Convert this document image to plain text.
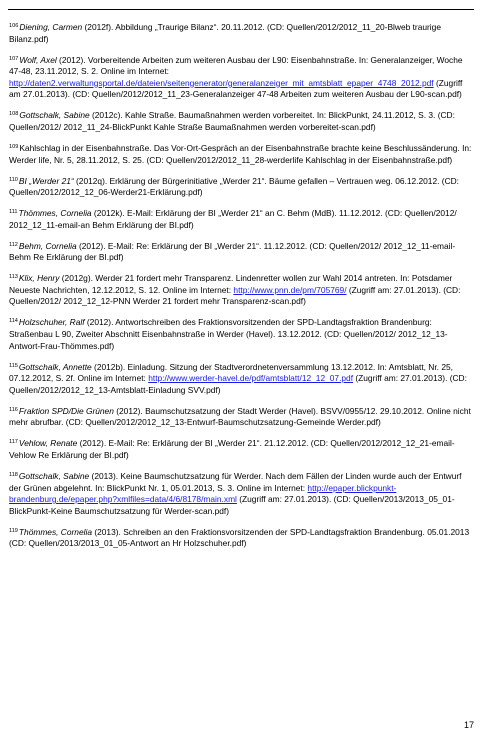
$^{106}$Diening, Carmen (2012f). Abbildung „Traurige Bilanz“. 20.11.2012. (CD: Quellen/2012/2012_11_20-Blweb traurige Bilanz.pdf)

$^{107}$Wolf, Axel (2012). Vorbereitende Arbeiten zum weiteren Ausbau der L90: Eisenbahnstraße. In: Generalanzeiger, Woche 47-48, 23.11.2012, S. 2. Online im Internet: http://daten2.verwaltungsportal.de/dateien/seitengenerator/generalanzeiger_mit_amtsblatt_epaper_4748_2012.pdf (Zugriff am 27.01.2013). (CD: Quellen/2012/2012_11_23-Generalanzeiger 47-48 Arbeiten zum weiteren Ausbau der L90-scan.pdf)

$^{108}$Gottschalk, Sabine (2012c). Kahle Straße. Baumaßnahmen werden vorbereitet. In: BlickPunkt, 24.11.2012, S. 3. (CD: Quellen/2012/ 2012_11_24-BlickPunkt Kahle Straße Baumaßnahmen werden vorbereitet-scan.pdf)

$^{109}$Kahlschlag in der Eisenbahnstraße. Das Vor-Ort-Gespräch an der Eisenbahnstraße brachte keine Beschlussänderung. In: Werder life, Nr. 5, 28.11.2012, S. 25. (CD: Quellen/2012/2012_11_28-werderlife Kahlschlag in der Eisenbahnstraße.pdf)

$^{110}$BI „Werder 21“ (2012q). Erklärung der Bürgerinitiative „Werder 21“. Bäume gefallen – Vertrauen weg. 06.12.2012. (CD: Quellen/2012/2012_12_06-Werder21-Erklärung.pdf)

$^{111}$Thömmes, Cornelia (2012k). E-Mail: Erklärung der BI „Werder 21“ an C. Behm (MdB). 11.12.2012. (CD: Quellen/2012/ 2012_12_11-email-an Behm Erklärung der BI.pdf)

$^{112}$Behm, Cornelia (2012). E-Mail: Re: Erklärung der BI „Werder 21“. 11.12.2012. (CD: Quellen/2012/ 2012_12_11-email-Behm Re Erklärung der BI.pdf)

$^{113}$Klix, Henry (2012g). Werder 21 fordert mehr Transparenz. Lindenretter wollen zur Wahl 2014 antreten. In: Potsdamer Neueste Nachrichten, 12.12.2012, S. 12. Online im Internet: http://www.pnn.de/pm/705769/ (Zugriff am: 27.01.2013). (CD: Quellen/2012/ 2012_12_12-PNN Werder 21 fordert mehr Transparenz-scan.pdf)

$^{114}$Holzschuher, Ralf (2012). Antwortschreiben des Fraktionsvorsitzenden der SPD-Landtagsfraktion Brandenburg: Straßenbau L 90, Zweiter Abschnitt Eisenbahnstraße in Werder (Havel). 13.12.2012. (CD: Quellen/2012/ 2012_12_13-Antwort-Frau-Thömmes.pdf)

$^{115}$Gottschalk, Annette (2012b). Einladung. Sitzung der Stadtverordnetenversammlung 13.12.2012. In: Amtsblatt, Nr. 25, 07.12.2012, S. 2f. Online im Internet: http://www.werder-havel.de/pdf/amtsblatt/12_12_07.pdf (Zugriff am: 27.01.2013). (CD: Quellen/2012/2012_12_13-Amtsblatt-Einladung SVV.pdf)

$^{116}$Fraktion SPD/Die Grünen (2012). Baumschutzsatzung der Stadt Werder (Havel). BSVV/0955/12. 29.10.2012. Online nicht mehr abrufbar. (CD: Quellen/2012/2012_12_13-Entwurf-Baumschutzsatzung-Gemeinde Werder.pdf)

$^{117}$Vehlow, Renate (2012). E-Mail: Re: Erklärung der BI „Werder 21“. 21.12.2012. (CD: Quellen/2012/2012_12_21-email-Vehlow Re Erklärung der BI.pdf)

$^{118}$Gottschalk, Sabine (2013). Keine Baumschutzsatzung für Werder. Nach dem Fällen der Linden wurde auch der Entwurf der Grünen abgelehnt. In: BlickPunkt Nr. 1, 05.01.2013, S. 3. Online im Internet: http://epaper.blickpunkt-brandenburg.de/epaper.php?xmlfiles=data/4/6/8178/main.xml (Zugriff am: 27.01.2013). (CD: Quellen/2013/2013_05_01-BlickPunkt-Keine Baumschutzsatzung für Werder-scan.pdf)

$^{119}$Thömmes, Cornelia (2013). Schreiben an den Fraktionsvorsitzenden der SPD-Landtagsfraktion Brandenburg. 05.01.2013 (CD: Quellen/2013/2013_01_05-Antwort an Hr Holzschuher.pdf)

17
